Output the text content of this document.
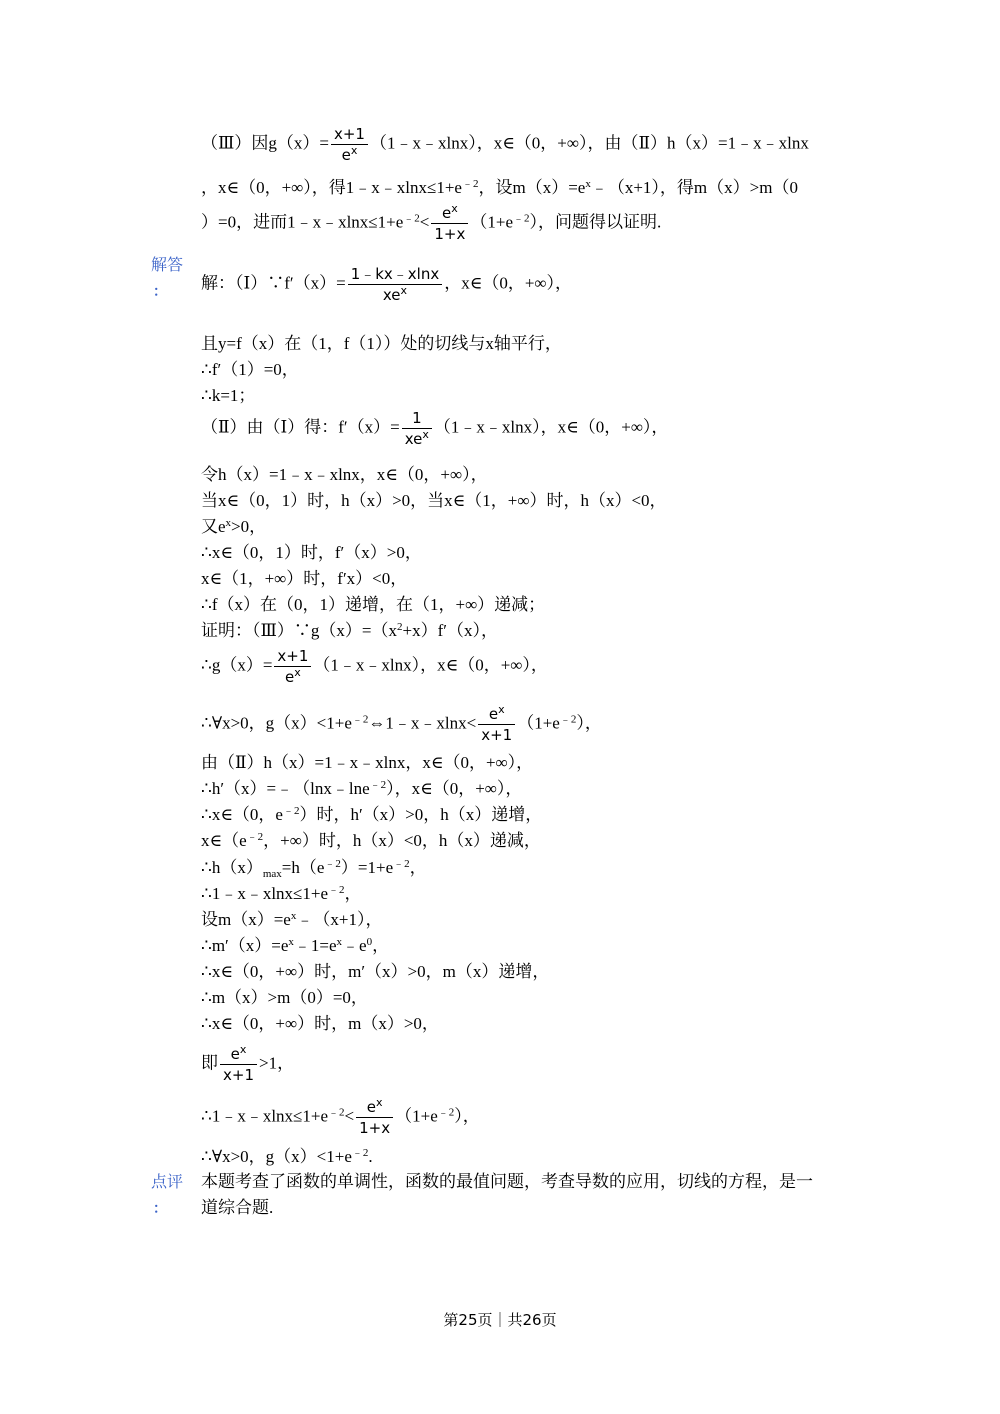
（Ⅲ）因$g(x)= \frac{x+1}{e^x}$ （1﹣x﹣xlnx），x∈（0，+∞），由（Ⅱ）h（x）=1﹣x﹣xlnx
，x∈（0，+∞），得$1﹣x﹣xlnx\le 1+e^{﹣2}$，设$m(x)=e^x﹣(x+1)$，得m（x）>m（0
）=0，进而$1﹣x﹣xlnx\le 1+e^{﹣2}< \frac{e^x}{1+x} (1+e^{﹣2})$，问题得以证明.
解答
： 解：（Ⅰ）∵f′（x）= $\frac{1﹣kx﹣xlnx}{xe^x}$ ，x∈（0，+∞），
且y=f（x）在（1，f（1））处的切线与x轴平行，
∴f′（1）=0，
∴k=1；
（Ⅱ）由（Ⅰ）得：$f'(x)= \frac{1}{xe^x}$ （1﹣x﹣xlnx），x∈（0，+∞），
令h（x）=1﹣x﹣xlnx，x∈（0，+∞），
当x∈（0，1）时，h（x）>0，当x∈（1，+∞）时，h（x）<0，
又$e^x>0$，
∴x∈（0，1）时，f′（x）>0，
x∈（1，+∞）时，f′x）<0，
∴f（x）在（0，1）递增，在（1，+∞）递减；
证明：$(Ⅲ)\because g(x)=(x^2+x)f'(x)$，
∴g（x）= $\frac{x+1}{e^x}$ （1﹣x﹣xlnx），x∈（0，+∞），
∴∀x>0，$g(x)<1+e^{﹣2}\Leftrightarrow 1﹣x﹣xlnx< \frac{e^x}{x+1} (1+e^{﹣2})$，
由（Ⅱ）h（x）=1﹣x﹣xlnx，x∈（0，+∞），
∴h′（x）=﹣（lnx﹣lne$^{﹣2}$），x∈（0，+∞），
∴x∈（0，$e^{﹣2}$）时，h′（x）>0，h（x）递增，
$x\in(e^{﹣2}$，+∞）时，h（x）<0，h（x）递减，
$\therefore h(x)_{max}=h(e^{﹣2})=1+e^{﹣2}$，
$\therefore 1﹣x﹣xlnx\le 1+e^{﹣2}$，
设$m(x)=e^x﹣(x+1)$，
$\therefore m'(x)=e^x﹣1=e^x﹣e^0$，
∴x∈（0，+∞）时，m′（x）>0，m（x）递增，
∴m（x）>m（0）=0，
∴x∈（0，+∞）时，m（x）>0，
即 $\frac{e^x}{x+1} >1$，
$\therefore 1﹣x﹣xlnx\le 1+e^{﹣2}< \frac{e^x}{1+x} (1+e^{﹣2})$，
∴∀x>0，$g(x)<1+e^{﹣2}$.
点评
：
本题考查了函数的单调性，函数的最值问题，考查导数的应用，切线的方程，是一
道综合题.
第25页｜共26页
